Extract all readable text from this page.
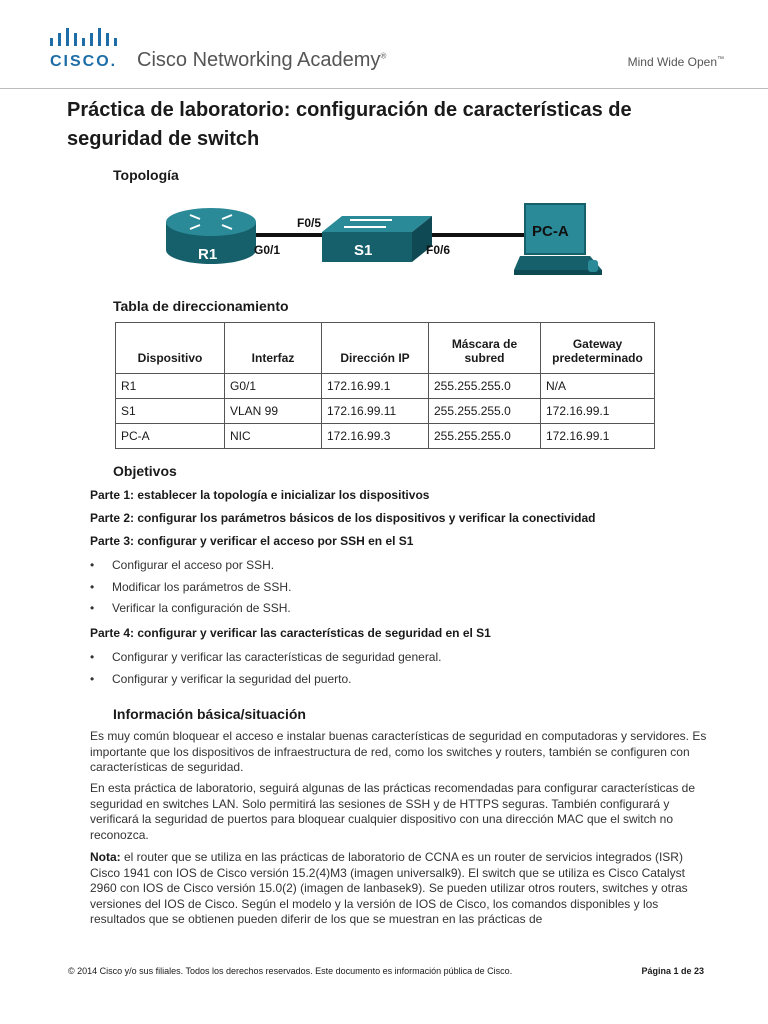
CISCO. Cisco Networking Academy®	Mind Wide Open™
Práctica de laboratorio: configuración de características de seguridad de switch
Topología
R1	S1
PC-A
G0/1
F0/5
F0/6
Tabla de direccionamiento
Dispositivo	Interfaz	Dirección IP	Máscara de subred	Gateway predeterminado
R1	G0/1	172.16.99.1	255.255.255.0	N/A
S1	VLAN 99	172.16.99.11	255.255.255.0	172.16.99.1
PC-A	NIC	172.16.99.3	255.255.255.0	172.16.99.1
Objetivos
Parte 1: establecer la topología e inicializar los dispositivos
Parte 2: configurar los parámetros básicos de los dispositivos y verificar la conectividad
Parte 3: configurar y verificar el acceso por SSH en el S1
• Configurar el acceso por SSH.
• Modificar los parámetros de SSH.
• Verificar la configuración de SSH.
Parte 4: configurar y verificar las características de seguridad en el S1
• Configurar y verificar las características de seguridad general.
• Configurar y verificar la seguridad del puerto.
Información básica/situación
Es muy común bloquear el acceso e instalar buenas características de seguridad en computadoras y servidores. Es importante que los dispositivos de infraestructura de red, como los switches y routers, también se configuren con características de seguridad.
En esta práctica de laboratorio, seguirá algunas de las prácticas recomendadas para configurar características de seguridad en switches LAN. Solo permitirá las sesiones de SSH y de HTTPS seguras. También configurará y verificará la seguridad de puertos para bloquear cualquier dispositivo con una dirección MAC que el switch no reconozca.
Nota: el router que se utiliza en las prácticas de laboratorio de CCNA es un router de servicios integrados (ISR) Cisco 1941 con IOS de Cisco versión 15.2(4)M3 (imagen universalk9). El switch que se utiliza es Cisco Catalyst 2960 con IOS de Cisco versión 15.0(2) (imagen de lanbasek9). Se pueden utilizar otros routers, switches y otras versiones del IOS de Cisco. Según el modelo y la versión de IOS de Cisco, los comandos disponibles y los resultados que se obtienen pueden diferir de los que se muestran en las prácticas de
© 2014 Cisco y/o sus filiales. Todos los derechos reservados. Este documento es información pública de Cisco.	Página 1 de 23
